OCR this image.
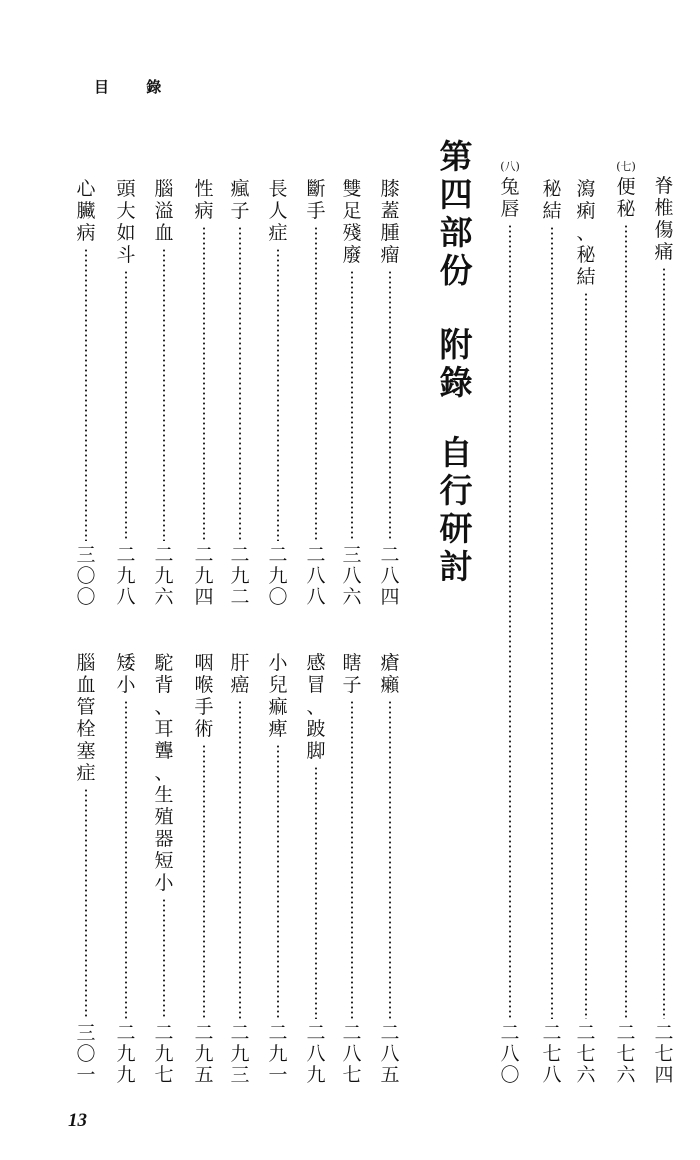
目 錄
第
四
部
份
附
錄
自
行
研
討
脊
椎
傷
痛
二
七
四
(七)
便
秘
二
七
六
瀉
痢
、
秘
結
二
七
六
秘
結
二
七
八
(八)
兔
唇
二
八
〇
膝
蓋
腫
瘤
二
八
四
雙
足
殘
廢
三
八
六
斷
手
二
八
八
長
人
症
二
九
〇
瘋
子
二
九
二
性
病
二
九
四
腦
溢
血
二
九
六
頭
大
如
斗
二
九
八
心
臟
病
三
〇
〇
瘡
癩
二
八
五
瞎
子
二
八
七
感
冒
、
跛
脚
二
八
九
小
兒
痲
痺
二
九
一
肝
癌
二
九
三
咽
喉
手
術
二
九
五
駝
背
、
耳
聾
、
生
殖
器
短
小
二
九
七
矮
小
二
九
九
腦
血
管
栓
塞
症
三
〇
一
13
